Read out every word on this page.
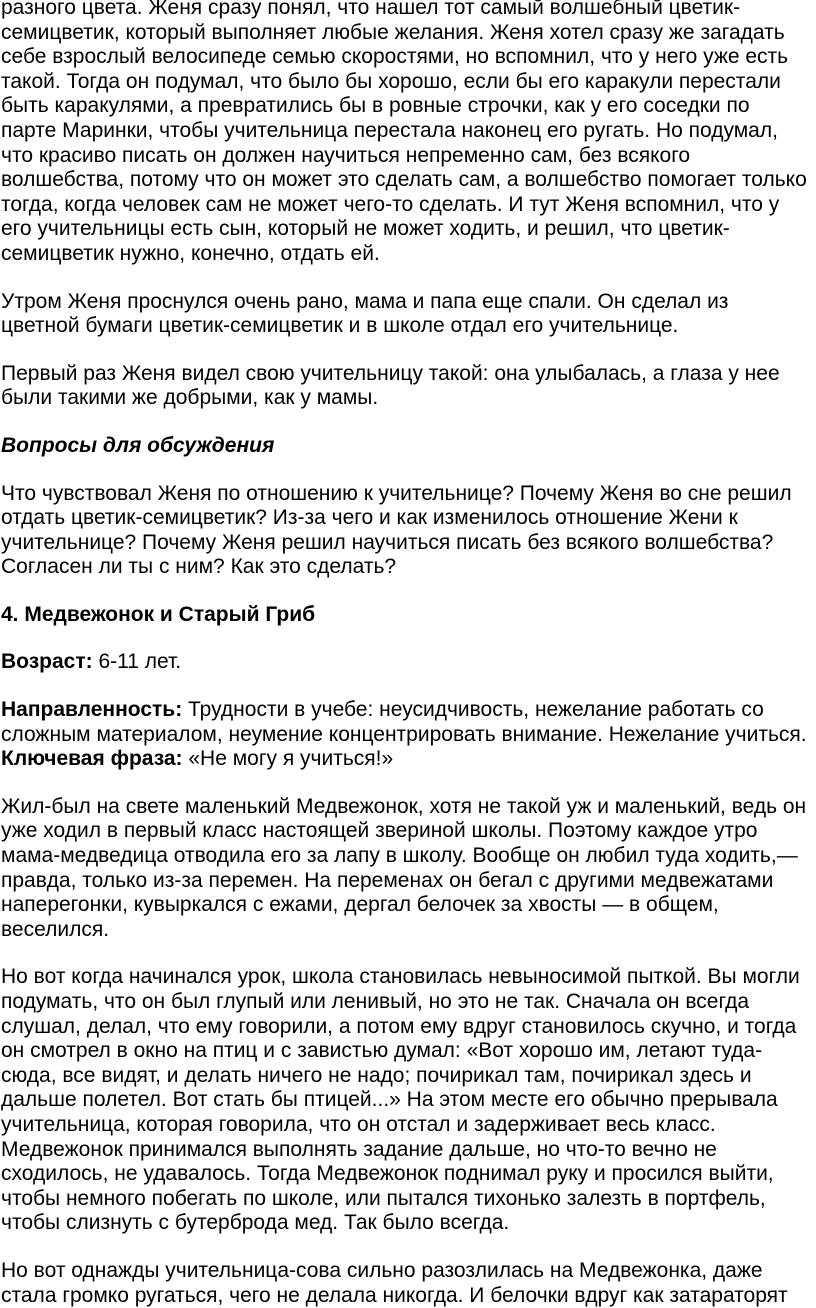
разного цвета. Женя сразу понял, что нашел тот самый волшебный цветик-семицветик, который выполняет любые желания. Женя хотел сразу же загадать себе взрослый велосипеде семью скоростями, но вспомнил, что у него уже есть такой. Тогда он подумал, что было бы хорошо, если бы его каракули перестали быть каракулями, а превратились бы в ровные строчки, как у его соседки по парте Маринки, чтобы учительница перестала наконец его ругать. Но подумал, что красиво писать он должен научиться непременно сам, без всякого волшебства, потому что он может это сделать сам, а волшебство помогает только тогда, когда человек сам не может чего-то сделать. И тут Женя вспомнил, что у его учительницы есть сын, который не может ходить, и решил, что цветик-семицветик нужно, конечно, отдать ей.

Утром Женя проснулся очень рано, мама и папа еще спали. Он сделал из цветной бумаги цветик-семицветик и в школе отдал его учительнице.

Первый раз Женя видел свою учительницу такой: она улыбалась, а глаза у нее были такими же добрыми, как у мамы.

Вопросы для обсуждения

Что чувствовал Женя по отношению к учительнице? Почему Женя во сне решил отдать цветик-семицветик? Из-за чего и как изменилось отношение Жени к учительнице? Почему Женя решил научиться писать без всякого волшебства? Согласен ли ты с ним? Как это сделать?

4. Медвежонок и Старый Гриб

Возраст: 6-11 лет.

Направленность: Трудности в учебе: неусидчивость, нежелание работать со сложным материалом, неумение концентрировать внимание. Нежелание учиться. Ключевая фраза: «Не могу я учиться!»

Жил-был на свете маленький Медвежонок, хотя не такой уж и маленький, ведь он уже ходил в первый класс настоящей звериной школы. Поэтому каждое утро мама-медведица отводила его за лапу в школу. Вообще он любил туда ходить,— правда, только из-за перемен. На переменах он бегал с другими медвежатами наперегонки, кувыркался с ежами, дергал белочек за хвосты — в общем, веселился.

Но вот когда начинался урок, школа становилась невыносимой пыткой. Вы могли подумать, что он был глупый или ленивый, но это не так. Сначала он всегда слушал, делал, что ему говорили, а потом ему вдруг становилось скучно, и тогда он смотрел в окно на птиц и с завистью думал: «Вот хорошо им, летают туда-сюда, все видят, и делать ничего не надо; почирикал там, почирикал здесь и дальше полетел. Вот стать бы птицей...» На этом месте его обычно прерывала учительница, которая говорила, что он отстал и задерживает весь класс. Медвежонок принимался выполнять задание дальше, но что-то вечно не сходилось, не удавалось. Тогда Медвежонок поднимал руку и просился выйти, чтобы немного побегать по школе, или пытался тихонько залезть в портфель, чтобы слизнуть с бутерброда мед. Так было всегда.

Но вот однажды учительница-сова сильно разозлилась на Медвежонка, даже стала громко ругаться, чего не делала никогда. И белочки вдруг как затараторят
